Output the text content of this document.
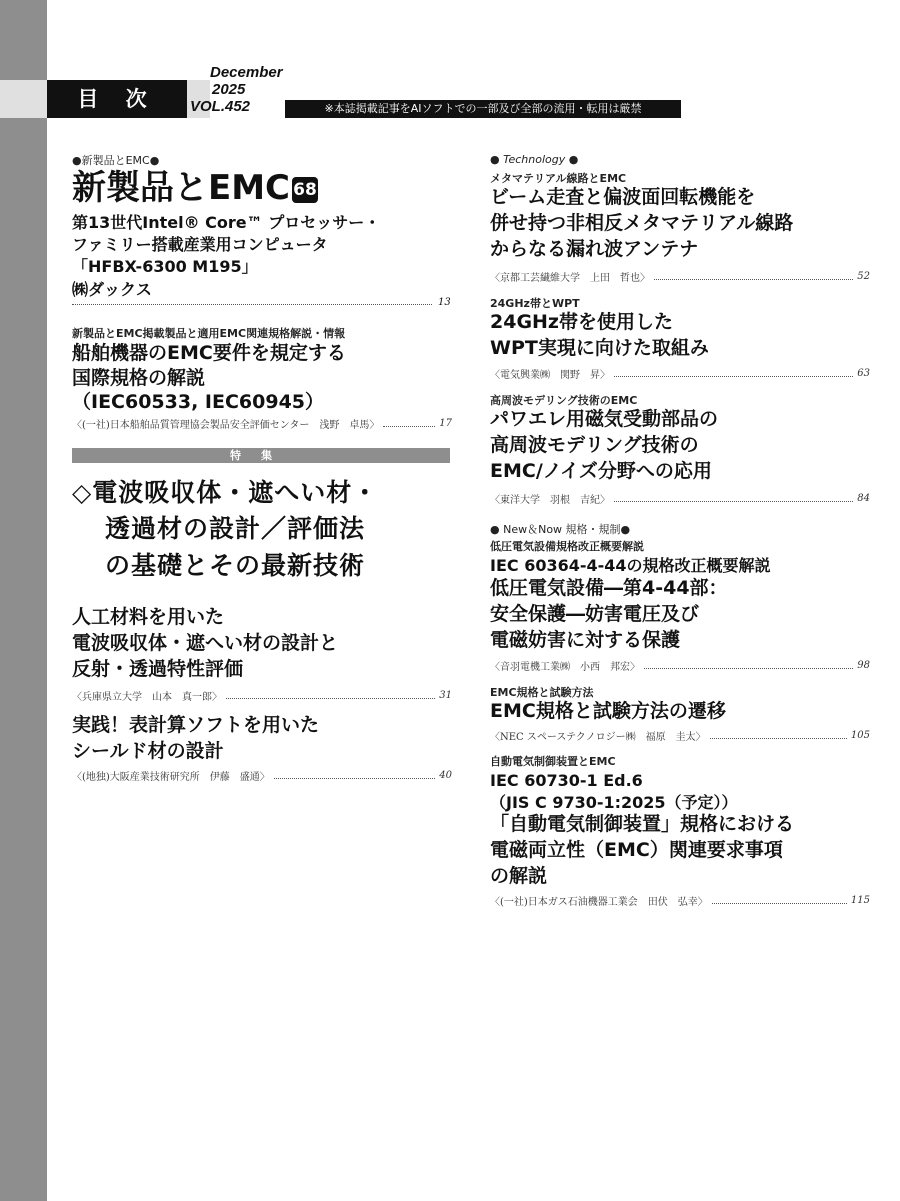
目 次
December
2025
VOL.452	※本誌掲載記事をAIソフトでの一部及び全部の流用・転用は厳禁
●新製品とEMC●
新製品とEMC 68
第13世代Intel® Core™ プロセッサー・
ファミリー搭載産業用コンピュータ
「HFBX-6300 M195」
㈱ダックス
13
新製品とEMC掲載製品と適用EMC関連規格解説・情報
船舶機器のEMC要件を規定する
国際規格の解説
（IEC60533, IEC60945）
〈(一社)日本船舶品質管理協会製品安全評価センター　浅野　卓馬〉	17
特集
◇電波吸収体・遮へい材・
透過材の設計／評価法
の基礎とその最新技術
人工材料を用いた
電波吸収体・遮へい材の設計と
反射・透過特性評価
〈兵庫県立大学　山本　真一郎〉	31
実践！表計算ソフトを用いた
シールド材の設計
〈(地独)大阪産業技術研究所　伊藤　盛通〉	40
● Technology ●
メタマテリアル線路とEMC
ビーム走査と偏波面回転機能を
併せ持つ非相反メタマテリアル線路
からなる漏れ波アンテナ
〈京都工芸繊維大学　上田　哲也〉	52
24GHz帯とWPT
24GHz帯を使用した
WPT実現に向けた取組み
〈電気興業㈱　関野　昇〉	63
高周波モデリング技術のEMC
パワエレ用磁気受動部品の
高周波モデリング技術の
EMC/ノイズ分野への応用
〈東洋大学　羽根　吉紀〉	84
● New＆Now 規格・規制●
低圧電気設備規格改正概要解説
IEC 60364-4-44の規格改正概要解説
低圧電気設備―第4-44部：
安全保護―妨害電圧及び
電磁妨害に対する保護
〈音羽電機工業㈱　小西　邦宏〉	98
EMC規格と試験方法
EMC規格と試験方法の遷移
〈NEC スペーステクノロジー㈱　福原　圭太〉	105
自動電気制御装置とEMC
IEC 60730-1 Ed.6
（JIS C 9730-1:2025（予定））
「自動電気制御装置」規格における
電磁両立性（EMC）関連要求事項
の解説
〈(一社)日本ガス石油機器工業会　田伏　弘幸〉	115
